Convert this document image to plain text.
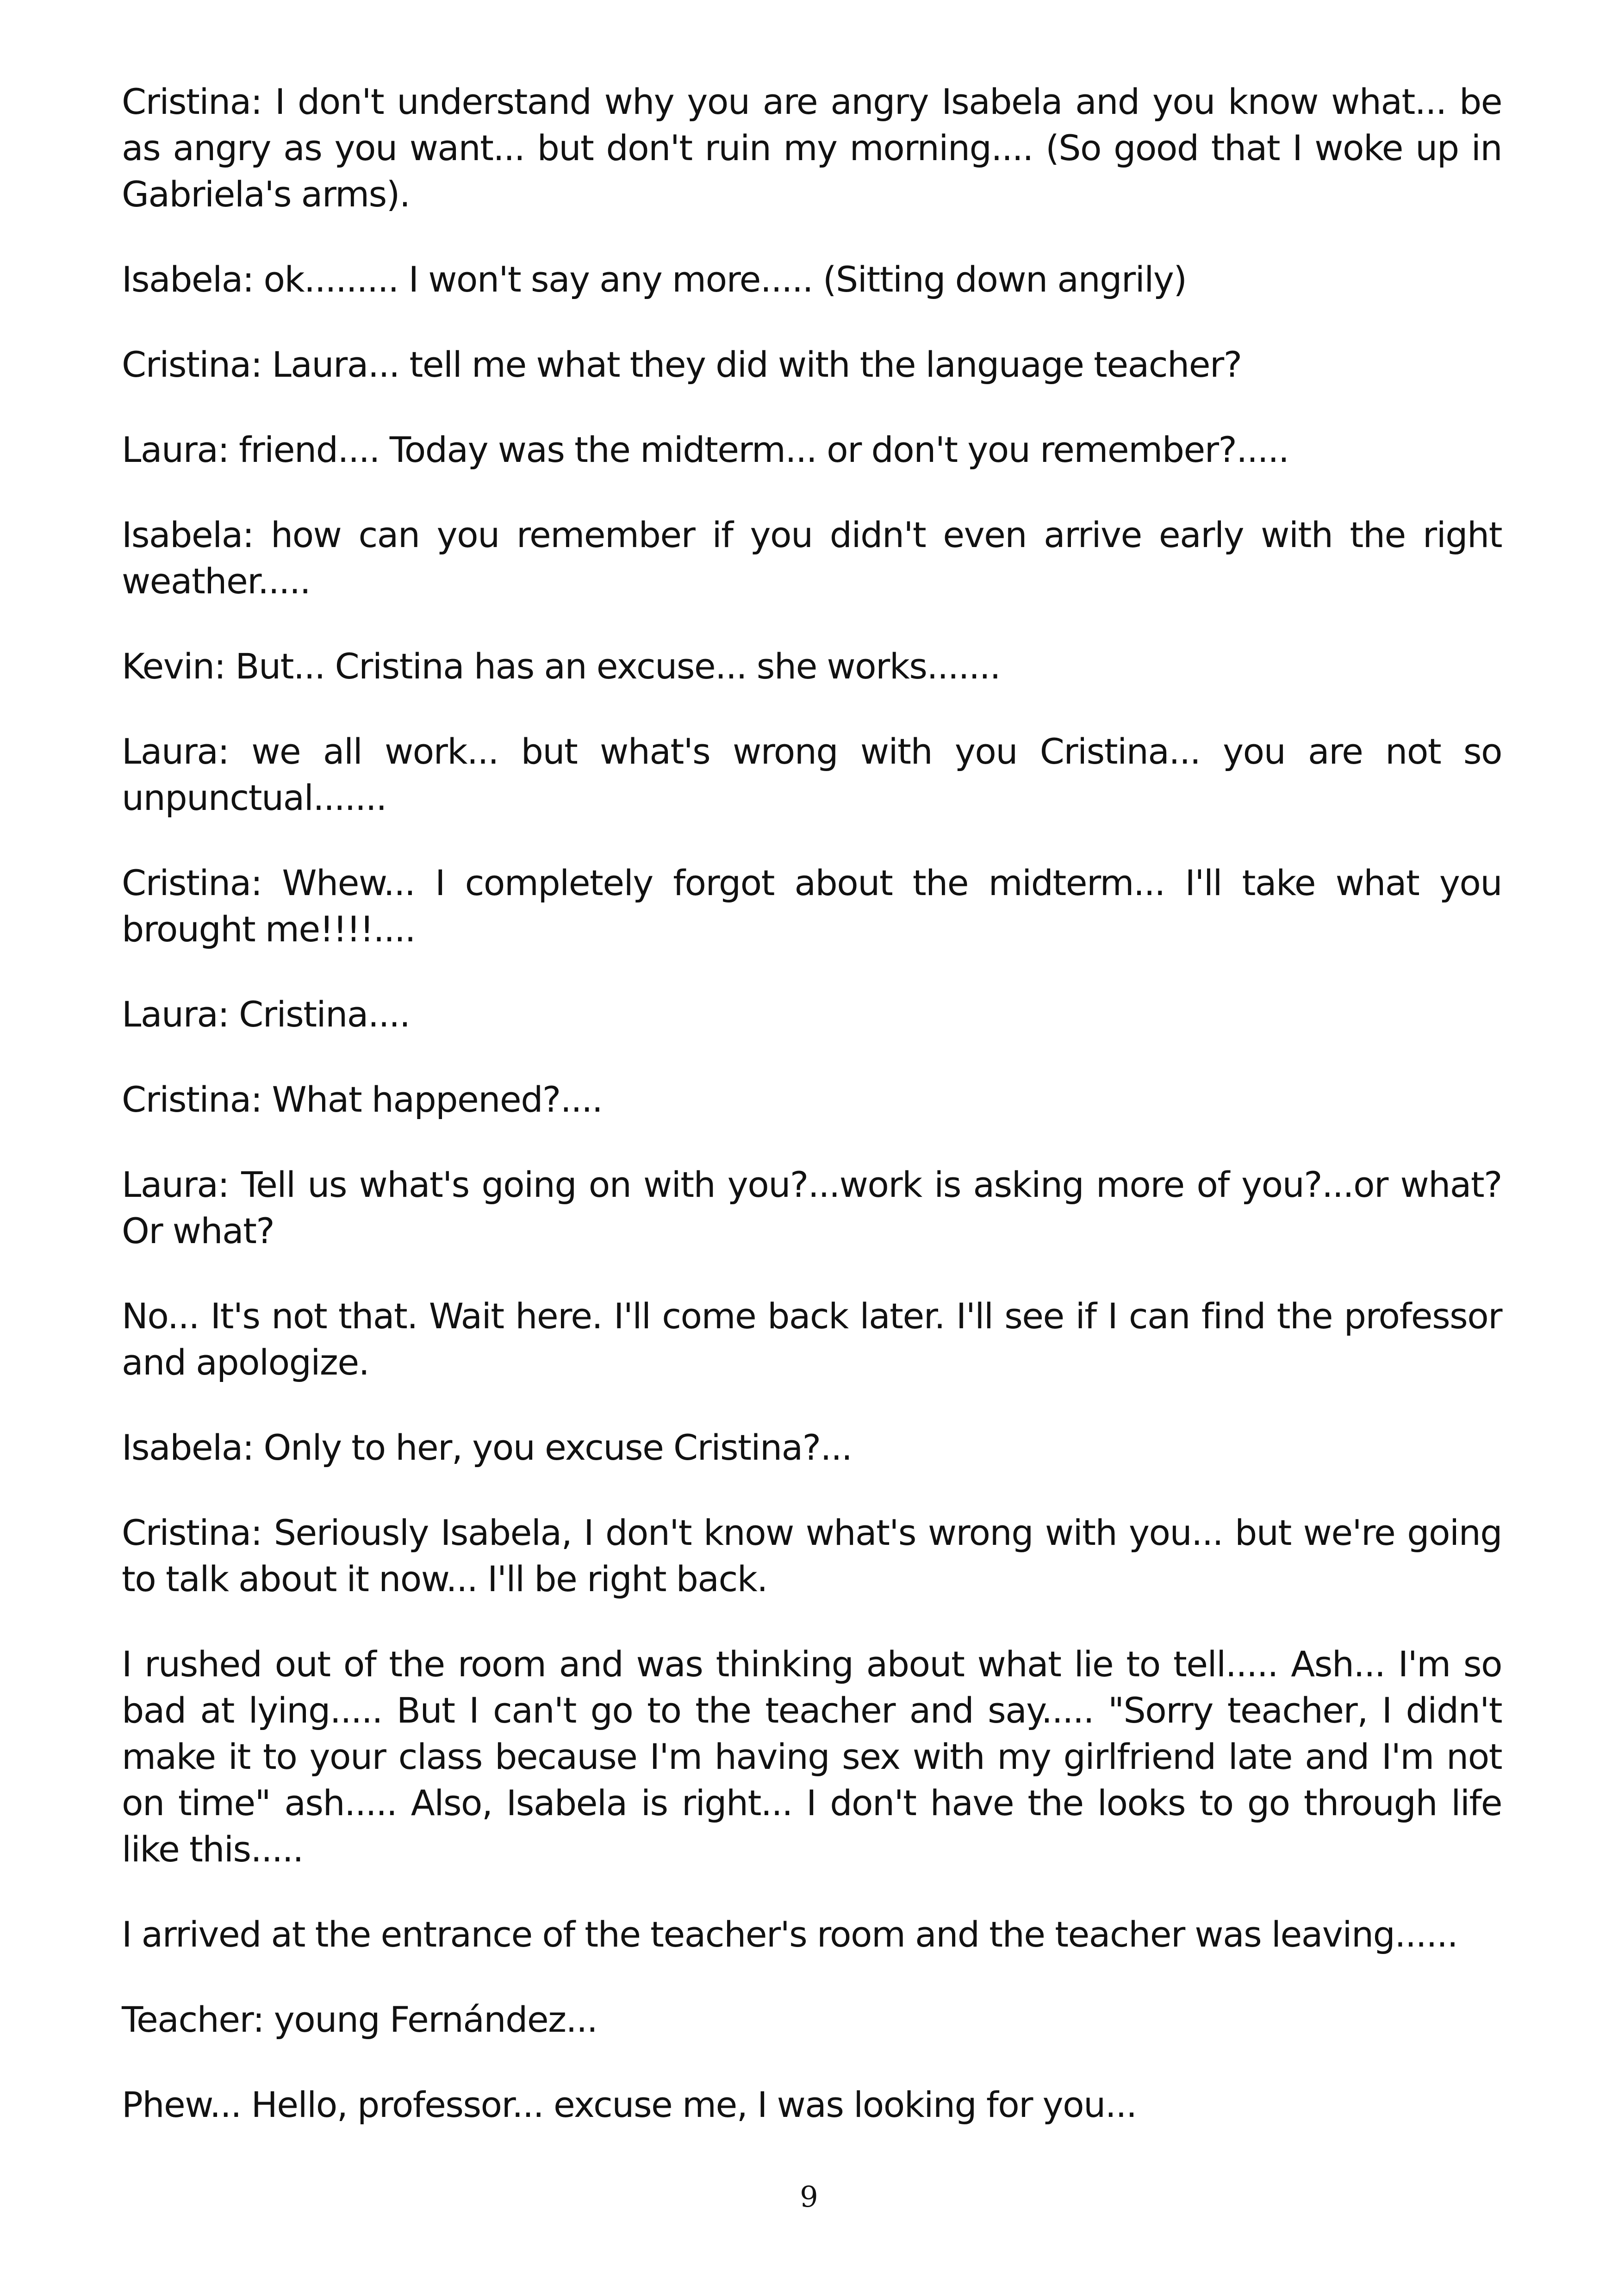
Cristina: I don't understand why you are angry Isabela and you know what... be as angry as you want... but don't ruin my morning.... (So good that I woke up in Gabriela's arms).

Isabela: ok......... I won't say any more..... (Sitting down angrily)

Cristina: Laura... tell me what they did with the language teacher?

Laura: friend.... Today was the midterm... or don't you remember?.....

Isabela: how can you remember if you didn't even arrive early with the right weather.....

Kevin: But... Cristina has an excuse... she works.......

Laura: we all work... but what's wrong with you Cristina... you are not so unpunctual.......

Cristina: Whew... I completely forgot about the midterm... I'll take what you brought me!!!!....

Laura: Cristina....

Cristina: What happened?....

Laura: Tell us what's going on with you?...work is asking more of you?...or what? Or what?

No... It's not that. Wait here. I'll come back later. I'll see if I can find the professor and apologize.

Isabela: Only to her, you excuse Cristina?...

Cristina: Seriously Isabela, I don't know what's wrong with you... but we're going to talk about it now... I'll be right back.

I rushed out of the room and was thinking about what lie to tell..... Ash... I'm so bad at lying..... But I can't go to the teacher and say..... "Sorry teacher, I didn't make it to your class because I'm having sex with my girlfriend late and I'm not on time" ash..... Also, Isabela is right... I don't have the looks to go through life like this.....

I arrived at the entrance of the teacher's room and the teacher was leaving......

Teacher: young Fernández...

Phew... Hello, professor... excuse me, I was looking for you...

9
